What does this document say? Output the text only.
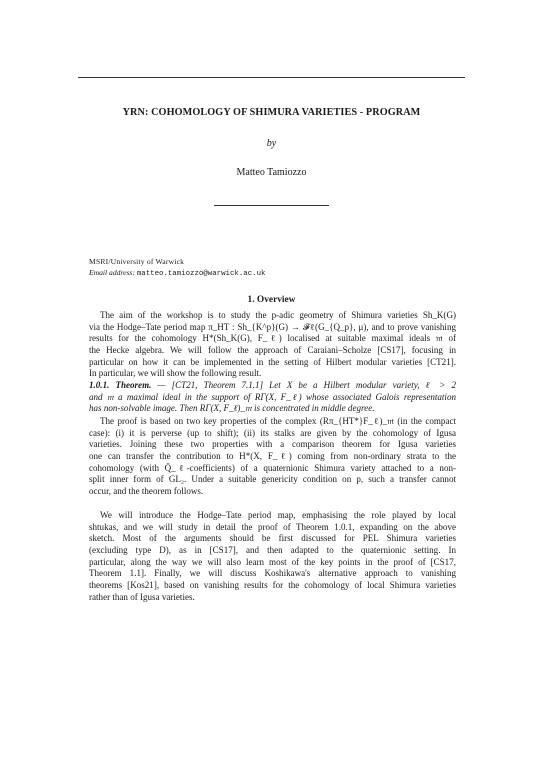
YRN: COHOMOLOGY OF SHIMURA VARIETIES - PROGRAM
by
Matteo Tamiozzo
MSRI/University of Warwick
Email address: matteo.tamiozzo@warwick.ac.uk
1. Overview
The aim of the workshop is to study the p-adic geometry of Shimura varieties Sh_K(G)
via the Hodge–Tate period map π_HT : Sh_{K^p}(G) → 𝓕ℓ(G_{Q_p}, μ), and to prove vanishing
results for the cohomology H*(Sh_K(G), F_ℓ) localised at suitable maximal ideals 𝔪 of
the Hecke algebra. We will follow the approach of Caraiani–Scholze [CS17], focusing in
particular on how it can be implemented in the setting of Hilbert modular varieties [CT21].
In particular, we will show the following result.
1.0.1. Theorem. — [CT21, Theorem 7.1.1] Let X be a Hilbert modular variety, ℓ > 2
and 𝔪 a maximal ideal in the support of RΓ(X, F_ℓ) whose associated Galois representation
has non-solvable image. Then RΓ(X, F_ℓ)_𝔪 is concentrated in middle degree.
The proof is based on two key properties of the complex (Rπ_{HT*}F_ℓ)_𝔪 (in the compact
case): (i) it is perverse (up to shift); (ii) its stalks are given by the cohomology of Igusa
varieties. Joining these two properties with a comparison theorem for Igusa varieties
one can transfer the contribution to H*(X, F_ℓ) coming from non-ordinary strata to the
cohomology (with Q̄_ℓ-coefficients) of a quaternionic Shimura variety attached to a non-
split inner form of GL₂. Under a suitable genericity condition on p, such a transfer cannot
occur, and the theorem follows.
We will introduce the Hodge–Tate period map, emphasising the role played by local
shtukas, and we will study in detail the proof of Theorem 1.0.1, expanding on the above
sketch. Most of the arguments should be first discussed for PEL Shimura varieties
(excluding type D), as in [CS17], and then adapted to the quaternionic setting. In
particular, along the way we will also learn most of the key points in the proof of [CS17,
Theorem 1.1]. Finally, we will discuss Koshikawa's alternative approach to vanishing
theorems [Kos21], based on vanishing results for the cohomology of local Shimura varieties
rather than of Igusa varieties.
